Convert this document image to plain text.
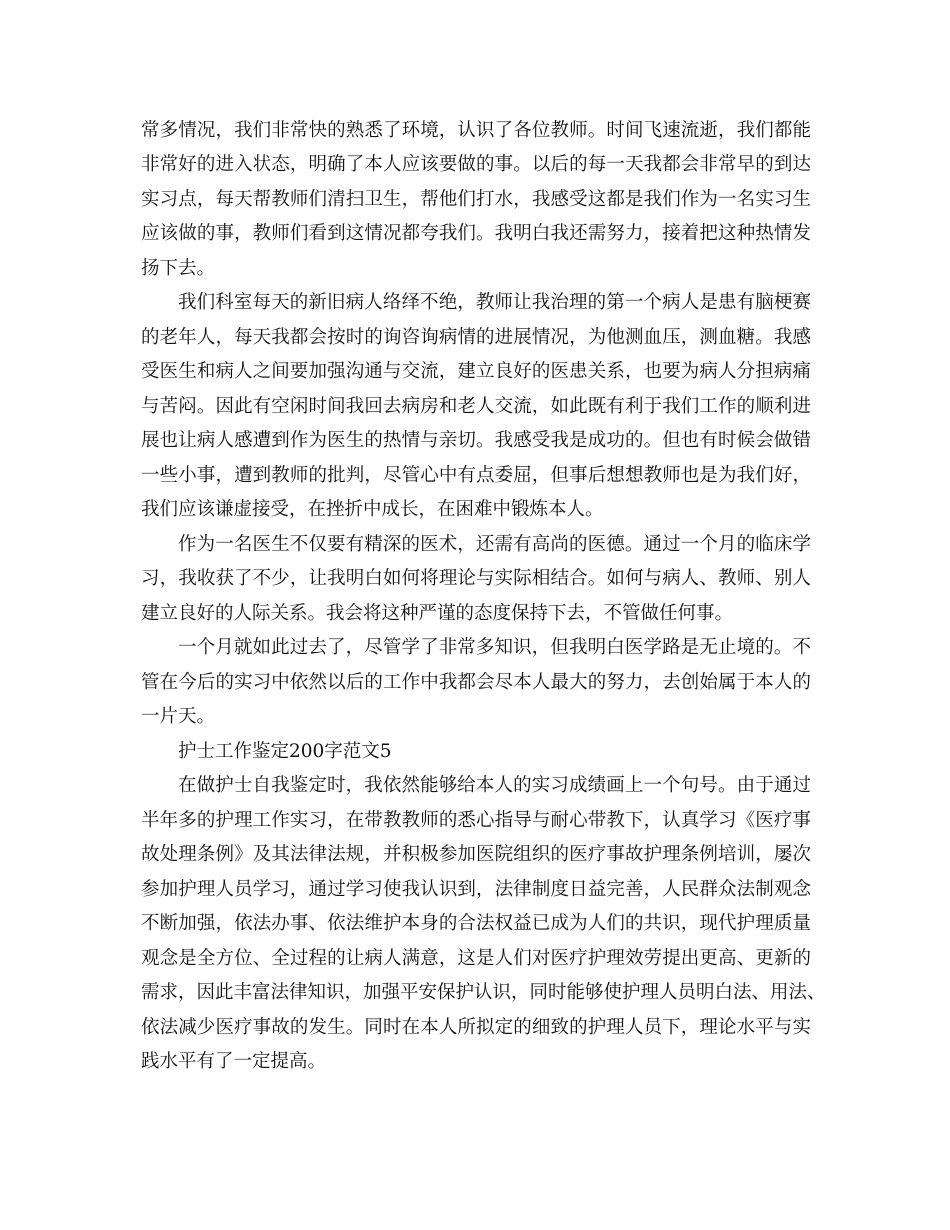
常多情况，我们非常快的熟悉了环境，认识了各位教师。时间飞速流逝，我们都能
非常好的进入状态，明确了本人应该要做的事。以后的每一天我都会非常早的到达
实习点，每天帮教师们清扫卫生，帮他们打水，我感受这都是我们作为一名实习生
应该做的事，教师们看到这情况都夸我们。我明白我还需努力，接着把这种热情发
扬下去。
我们科室每天的新旧病人络绎不绝，教师让我治理的第一个病人是患有脑梗赛
的老年人，每天我都会按时的询咨询病情的进展情况，为他测血压，测血糖。我感
受医生和病人之间要加强沟通与交流，建立良好的医患关系，也要为病人分担病痛
与苦闷。因此有空闲时间我回去病房和老人交流，如此既有利于我们工作的顺利进
展也让病人感遭到作为医生的热情与亲切。我感受我是成功的。但也有时候会做错
一些小事，遭到教师的批判，尽管心中有点委屈，但事后想想教师也是为我们好，
我们应该谦虚接受，在挫折中成长，在困难中锻炼本人。
作为一名医生不仅要有精深的医术，还需有高尚的医德。通过一个月的临床学
习，我收获了不少，让我明白如何将理论与实际相结合。如何与病人、教师、别人
建立良好的人际关系。我会将这种严谨的态度保持下去，不管做任何事。
一个月就如此过去了，尽管学了非常多知识，但我明白医学路是无止境的。不
管在今后的实习中依然以后的工作中我都会尽本人最大的努力，去创始属于本人的
一片天。
护士工作鉴定200字范文5
在做护士自我鉴定时，我依然能够给本人的实习成绩画上一个句号。由于通过
半年多的护理工作实习，在带教教师的悉心指导与耐心带教下，认真学习《医疗事
故处理条例》及其法律法规，并积极参加医院组织的医疗事故护理条例培训，屡次
参加护理人员学习，通过学习使我认识到，法律制度日益完善，人民群众法制观念
不断加强，依法办事、依法维护本身的合法权益已成为人们的共识，现代护理质量
观念是全方位、全过程的让病人满意，这是人们对医疗护理效劳提出更高、更新的
需求，因此丰富法律知识，加强平安保护认识，同时能够使护理人员明白法、用法、
依法减少医疗事故的发生。同时在本人所拟定的细致的护理人员下，理论水平与实
践水平有了一定提高。
